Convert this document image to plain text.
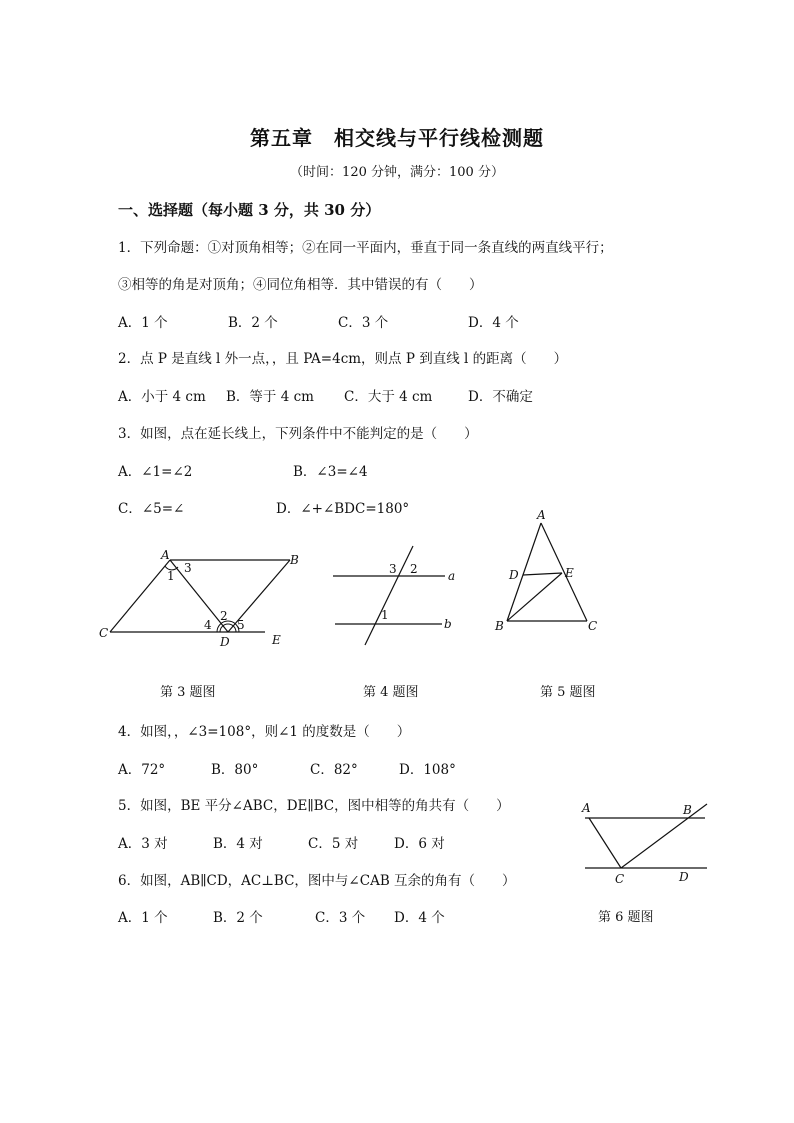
第五章　相交线与平行线检测题
（时间：120 分钟，满分：100 分）
一、选择题（每小题 3 分，共 30 分）
1．下列命题：①对顶角相等；②在同一平面内，垂直于同一条直线的两直线平行；
③相等的角是对顶角；④同位角相等．其中错误的有（　　）
A．1 个	B．2 个	C．3 个	D．4 个
2．点 P 是直线 l 外一点，，且 PA=4cm，则点 P 到直线 l 的距离（　　）
A．小于 4 cm B．等于 4 cm C．大于 4 cm	D．不确定
3．如图，点在延长线上，下列条件中不能判定的是（　　）
A．∠1=∠2	B．∠3=∠4
C．∠5=∠	D．∠+∠BDC=180°
A	B
C
D	E
1
3
2
4 5
第 3 题图
3 2
1
a
b
第 4 题图
A
D	E
B	C
第 5 题图
4．如图，，∠3=108°，则∠1 的度数是（　　）
A．72°	B．80°	C．82°	D．108°
5．如图，BE 平分∠ABC，DE∥BC，图中相等的角共有（　　）
A．3 对	B．4 对	C．5 对	D．6 对
6．如图，AB∥CD，AC⊥BC，图中与∠CAB 互余的角有（　　）
A．1 个	B．2 个	C．3 个 D．4 个
A	B
C	D
第 6 题图
